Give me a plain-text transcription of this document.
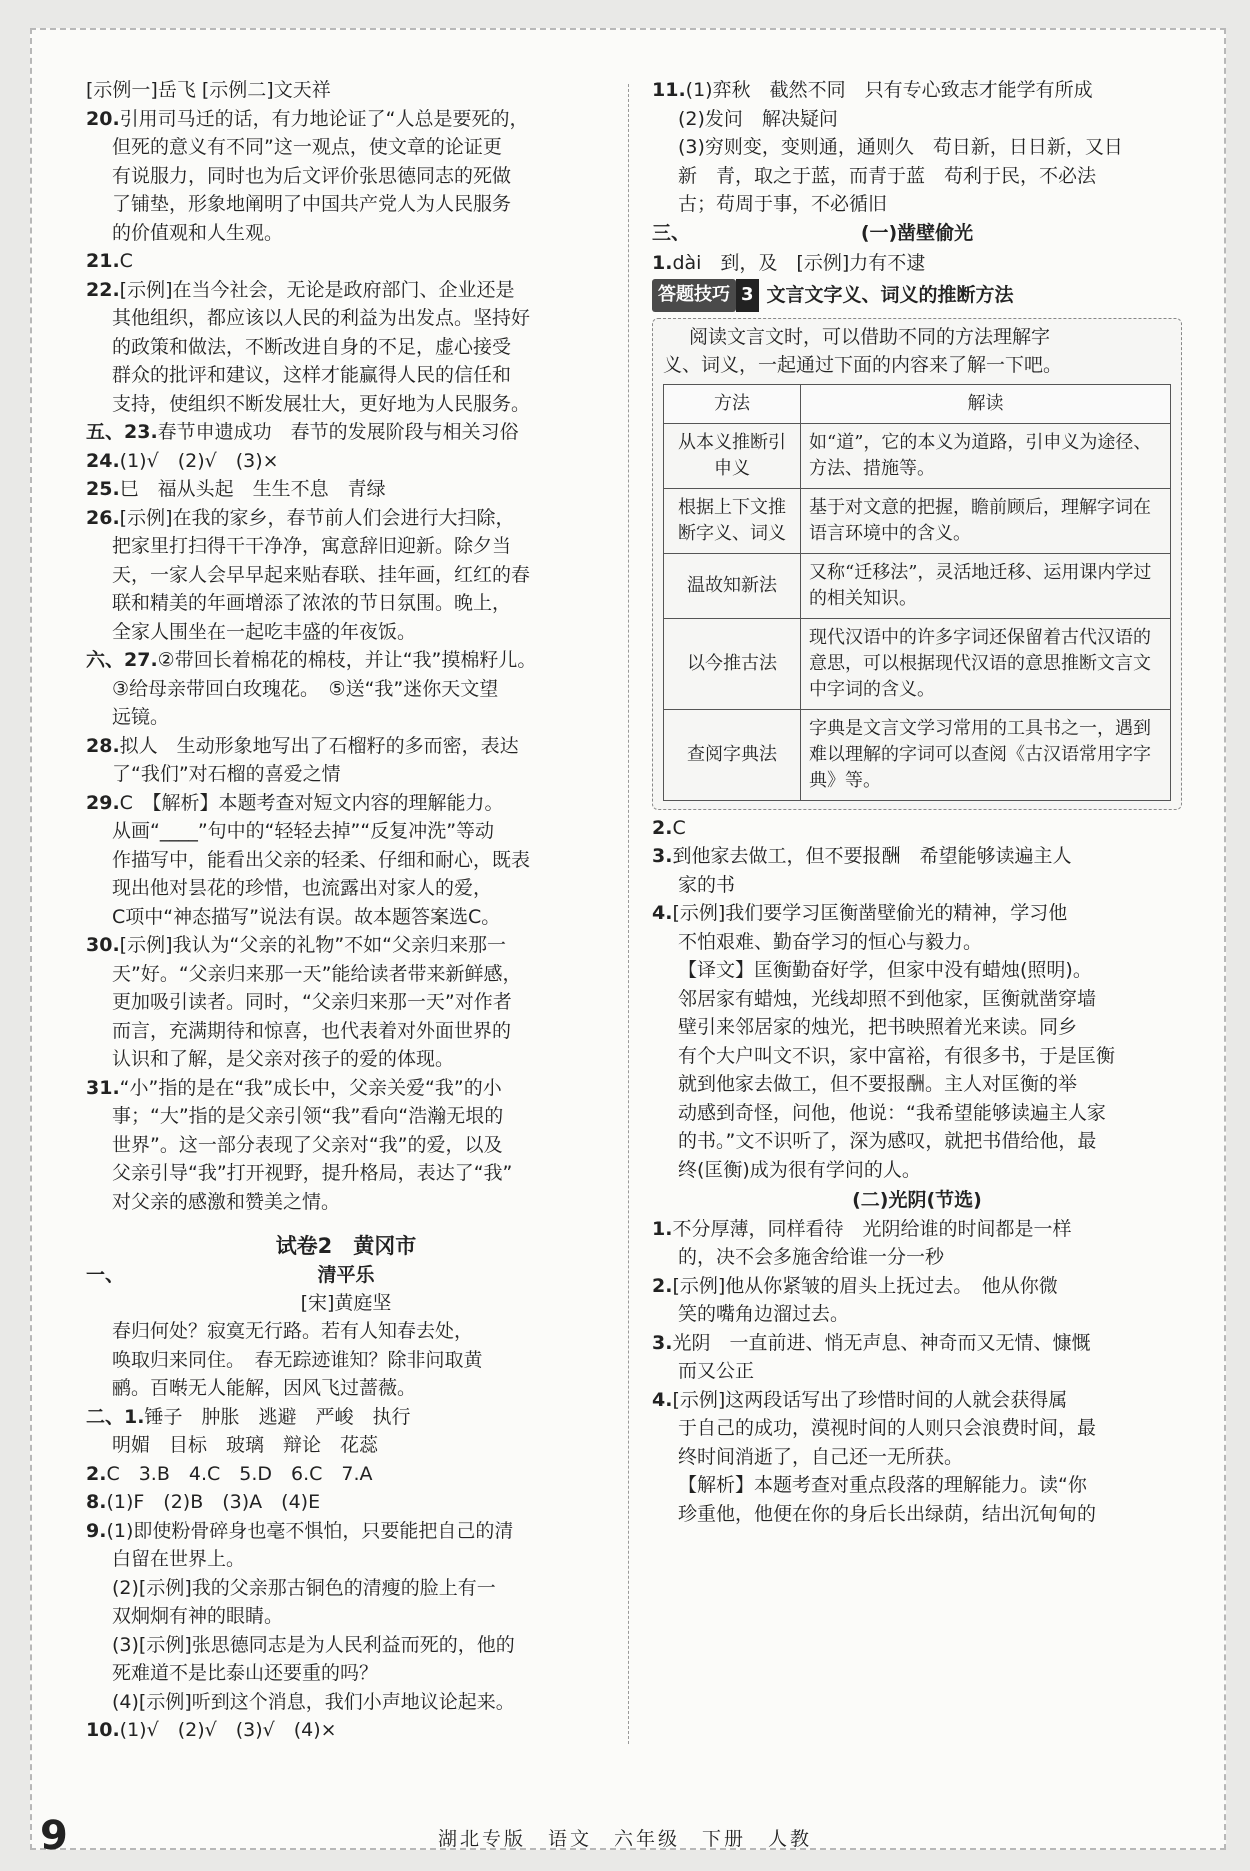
[示例一]岳飞 [示例二]文天祥
20.引用司马迁的话，有力地论证了“人总是要死的，
但死的意义有不同”这一观点，使文章的论证更
有说服力，同时也为后文评价张思德同志的死做
了铺垫，形象地阐明了中国共产党人为人民服务
的价值观和人生观。
21.C
22.[示例]在当今社会，无论是政府部门、企业还是
其他组织，都应该以人民的利益为出发点。坚持好
的政策和做法，不断改进自身的不足，虚心接受
群众的批评和建议，这样才能赢得人民的信任和
支持，使组织不断发展壮大，更好地为人民服务。
五、23.春节申遗成功　春节的发展阶段与相关习俗
24.(1)√　(2)√　(3)×
25.巳　福从头起　生生不息　青绿
26.[示例]在我的家乡，春节前人们会进行大扫除，
把家里打扫得干干净净，寓意辞旧迎新。除夕当
天，一家人会早早起来贴春联、挂年画，红红的春
联和精美的年画增添了浓浓的节日氛围。晚上，
全家人围坐在一起吃丰盛的年夜饭。
六、27.②带回长着棉花的棉枝，并让“我”摸棉籽儿。
③给母亲带回白玫瑰花。　⑤送“我”迷你天文望
远镜。
28.拟人　生动形象地写出了石榴籽的多而密，表达
了“我们”对石榴的喜爱之情
29.C　【解析】本题考查对短文内容的理解能力。
从画“____”句中的“轻轻去掉”“反复冲洗”等动
作描写中，能看出父亲的轻柔、仔细和耐心，既表
现出他对昙花的珍惜，也流露出对家人的爱，
C项中“神态描写”说法有误。故本题答案选C。
30.[示例]我认为“父亲的礼物”不如“父亲归来那一
天”好。“父亲归来那一天”能给读者带来新鲜感，
更加吸引读者。同时，“父亲归来那一天”对作者
而言，充满期待和惊喜，也代表着对外面世界的
认识和了解，是父亲对孩子的爱的体现。
31.“小”指的是在“我”成长中，父亲关爱“我”的小
事；“大”指的是父亲引领“我”看向“浩瀚无垠的
世界”。这一部分表现了父亲对“我”的爱，以及
父亲引导“我”打开视野，提升格局，表达了“我”
对父亲的感激和赞美之情。
试卷2　黄冈市
一、	清平乐
[宋]黄庭坚
春归何处？寂寞无行路。若有人知春去处，
唤取归来同住。　春无踪迹谁知？除非问取黄
鹂。百啭无人能解，因风飞过蔷薇。
二、1.锤子　肿胀　逃避　严峻　执行
明媚　目标　玻璃　辩论　花蕊
2.C　3.B　4.C　5.D　6.C　7.A
8.(1)F　(2)B　(3)A　(4)E
9.(1)即使粉骨碎身也毫不惧怕，只要能把自己的清
白留在世界上。
(2)[示例]我的父亲那古铜色的清瘦的脸上有一
双炯炯有神的眼睛。
(3)[示例]张思德同志是为人民利益而死的，他的
死难道不是比泰山还要重的吗？
(4)[示例]听到这个消息，我们小声地议论起来。
10.(1)√　(2)√　(3)√　(4)×
11.(1)弈秋　截然不同　只有专心致志才能学有所成
(2)发问　解决疑问
(3)穷则变，变则通，通则久　苟日新，日日新，又日
新　青，取之于蓝，而青于蓝　苟利于民，不必法
古；苟周于事，不必循旧
三、	(一)凿壁偷光
1.dài　到，及　[示例]力有不逮
答题技巧 3 文言文字义、词义的推断方法
阅读文言文时，可以借助不同的方法理解字
义、词义，一起通过下面的内容来了解一下吧。
方法	解读
从本义推断引申义	如“道”，它的本义为道路，引申义为途径、方法、措施等。
根据上下文推断字义、词义	基于对文意的把握，瞻前顾后，理解字词在语言环境中的含义。
温故知新法	又称“迁移法”，灵活地迁移、运用课内学过的相关知识。
以今推古法	现代汉语中的许多字词还保留着古代汉语的意思，可以根据现代汉语的意思推断文言文中字词的含义。
查阅字典法	字典是文言文学习常用的工具书之一，遇到难以理解的字词可以查阅《古汉语常用字字典》等。
2.C
3.到他家去做工，但不要报酬　希望能够读遍主人
家的书
4.[示例]我们要学习匡衡凿壁偷光的精神，学习他
不怕艰难、勤奋学习的恒心与毅力。
【译文】匡衡勤奋好学，但家中没有蜡烛(照明)。
邻居家有蜡烛，光线却照不到他家，匡衡就凿穿墙
壁引来邻居家的烛光，把书映照着光来读。同乡
有个大户叫文不识，家中富裕，有很多书，于是匡衡
就到他家去做工，但不要报酬。主人对匡衡的举
动感到奇怪，问他，他说：“我希望能够读遍主人家
的书。”文不识听了，深为感叹，就把书借给他，最
终(匡衡)成为很有学问的人。
(二)光阴(节选)
1.不分厚薄，同样看待　光阴给谁的时间都是一样
的，决不会多施舍给谁一分一秒
2.[示例]他从你紧皱的眉头上抚过去。　他从你微
笑的嘴角边溜过去。
3.光阴　一直前进、悄无声息、神奇而又无情、慷慨
而又公正
4.[示例]这两段话写出了珍惜时间的人就会获得属
于自己的成功，漠视时间的人则只会浪费时间，最
终时间消逝了，自己还一无所获。
【解析】本题考查对重点段落的理解能力。读“你
珍重他，他便在你的身后长出绿荫，结出沉甸甸的
9	湖北专版　语文　六年级　下册　人教
